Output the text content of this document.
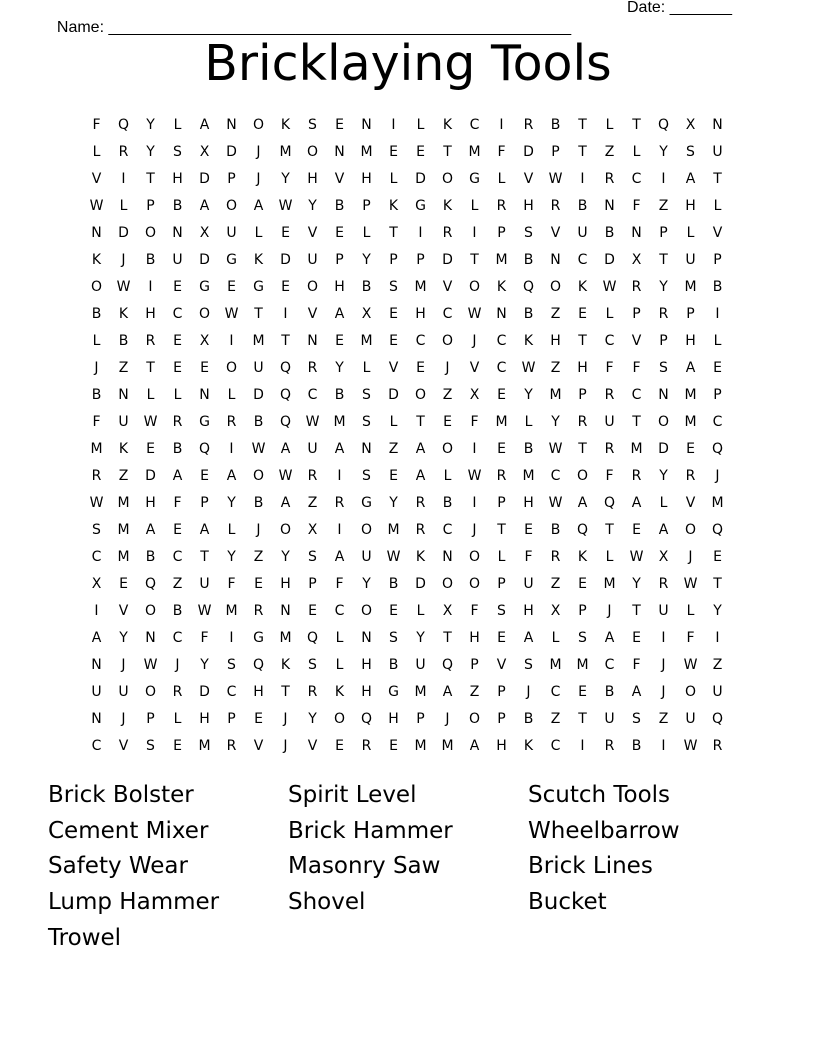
Name: ____________________________________________________

Date: _______

Bricklaying Tools
F	Q	Y	L	A	N	O	K	S	E	N	I	L	K	C	I	R	B	T	L	T	Q	X	N
L	R	Y	S	X	D	J	M	O	N	M	E	E	T	M	F	D	P	T	Z	L	Y	S	U
V	I	T	H	D	P	J	Y	H	V	H	L	D	O	G	L	V	W	I	R	C	I	A	T
W	L	P	B	A	O	A	W	Y	B	P	K	G	K	L	R	H	R	B	N	F	Z	H	L
N	D	O	N	X	U	L	E	V	E	L	T	I	R	I	P	S	V	U	B	N	P	L	V
K	J	B	U	D	G	K	D	U	P	Y	P	P	D	T	M	B	N	C	D	X	T	U	P
O	W	I	E	G	E	G	E	O	H	B	S	M	V	O	K	Q	O	K	W	R	Y	M	B
B	K	H	C	O	W	T	I	V	A	X	E	H	C	W	N	B	Z	E	L	P	R	P	I
L	B	R	E	X	I	M	T	N	E	M	E	C	O	J	C	K	H	T	C	V	P	H	L
J	Z	T	E	E	O	U	Q	R	Y	L	V	E	J	V	C	W	Z	H	F	F	S	A	E
B	N	L	L	N	L	D	Q	C	B	S	D	O	Z	X	E	Y	M	P	R	C	N	M	P
F	U	W	R	G	R	B	Q	W	M	S	L	T	E	F	M	L	Y	R	U	T	O	M	C
M	K	E	B	Q	I	W	A	U	A	N	Z	A	O	I	E	B	W	T	R	M	D	E	Q
R	Z	D	A	E	A	O	W	R	I	S	E	A	L	W	R	M	C	O	F	R	Y	R	J
W	M	H	F	P	Y	B	A	Z	R	G	Y	R	B	I	P	H	W	A	Q	A	L	V	M
S	M	A	E	A	L	J	O	X	I	O	M	R	C	J	T	E	B	Q	T	E	A	O	Q
C	M	B	C	T	Y	Z	Y	S	A	U	W	K	N	O	L	F	R	K	L	W	X	J	E
X	E	Q	Z	U	F	E	H	P	F	Y	B	D	O	O	P	U	Z	E	M	Y	R	W	T
I	V	O	B	W	M	R	N	E	C	O	E	L	X	F	S	H	X	P	J	T	U	L	Y
A	Y	N	C	F	I	G	M	Q	L	N	S	Y	T	H	E	A	L	S	A	E	I	F	I
N	J	W	J	Y	S	Q	K	S	L	H	B	U	Q	P	V	S	M	M	C	F	J	W	Z
U	U	O	R	D	C	H	T	R	K	H	G	M	A	Z	P	J	C	E	B	A	J	O	U
N	J	P	L	H	P	E	J	Y	O	Q	H	P	J	O	P	B	Z	T	U	S	Z	U	Q
C	V	S	E	M	R	V	J	V	E	R	E	M	M	A	H	K	C	I	R	B	I	W	R
Brick Bolster	Spirit Level	Scutch Tools
Cement Mixer	Brick Hammer	Wheelbarrow
Safety Wear	Masonry Saw	Brick Lines
Lump Hammer	Shovel	Bucket
Trowel
